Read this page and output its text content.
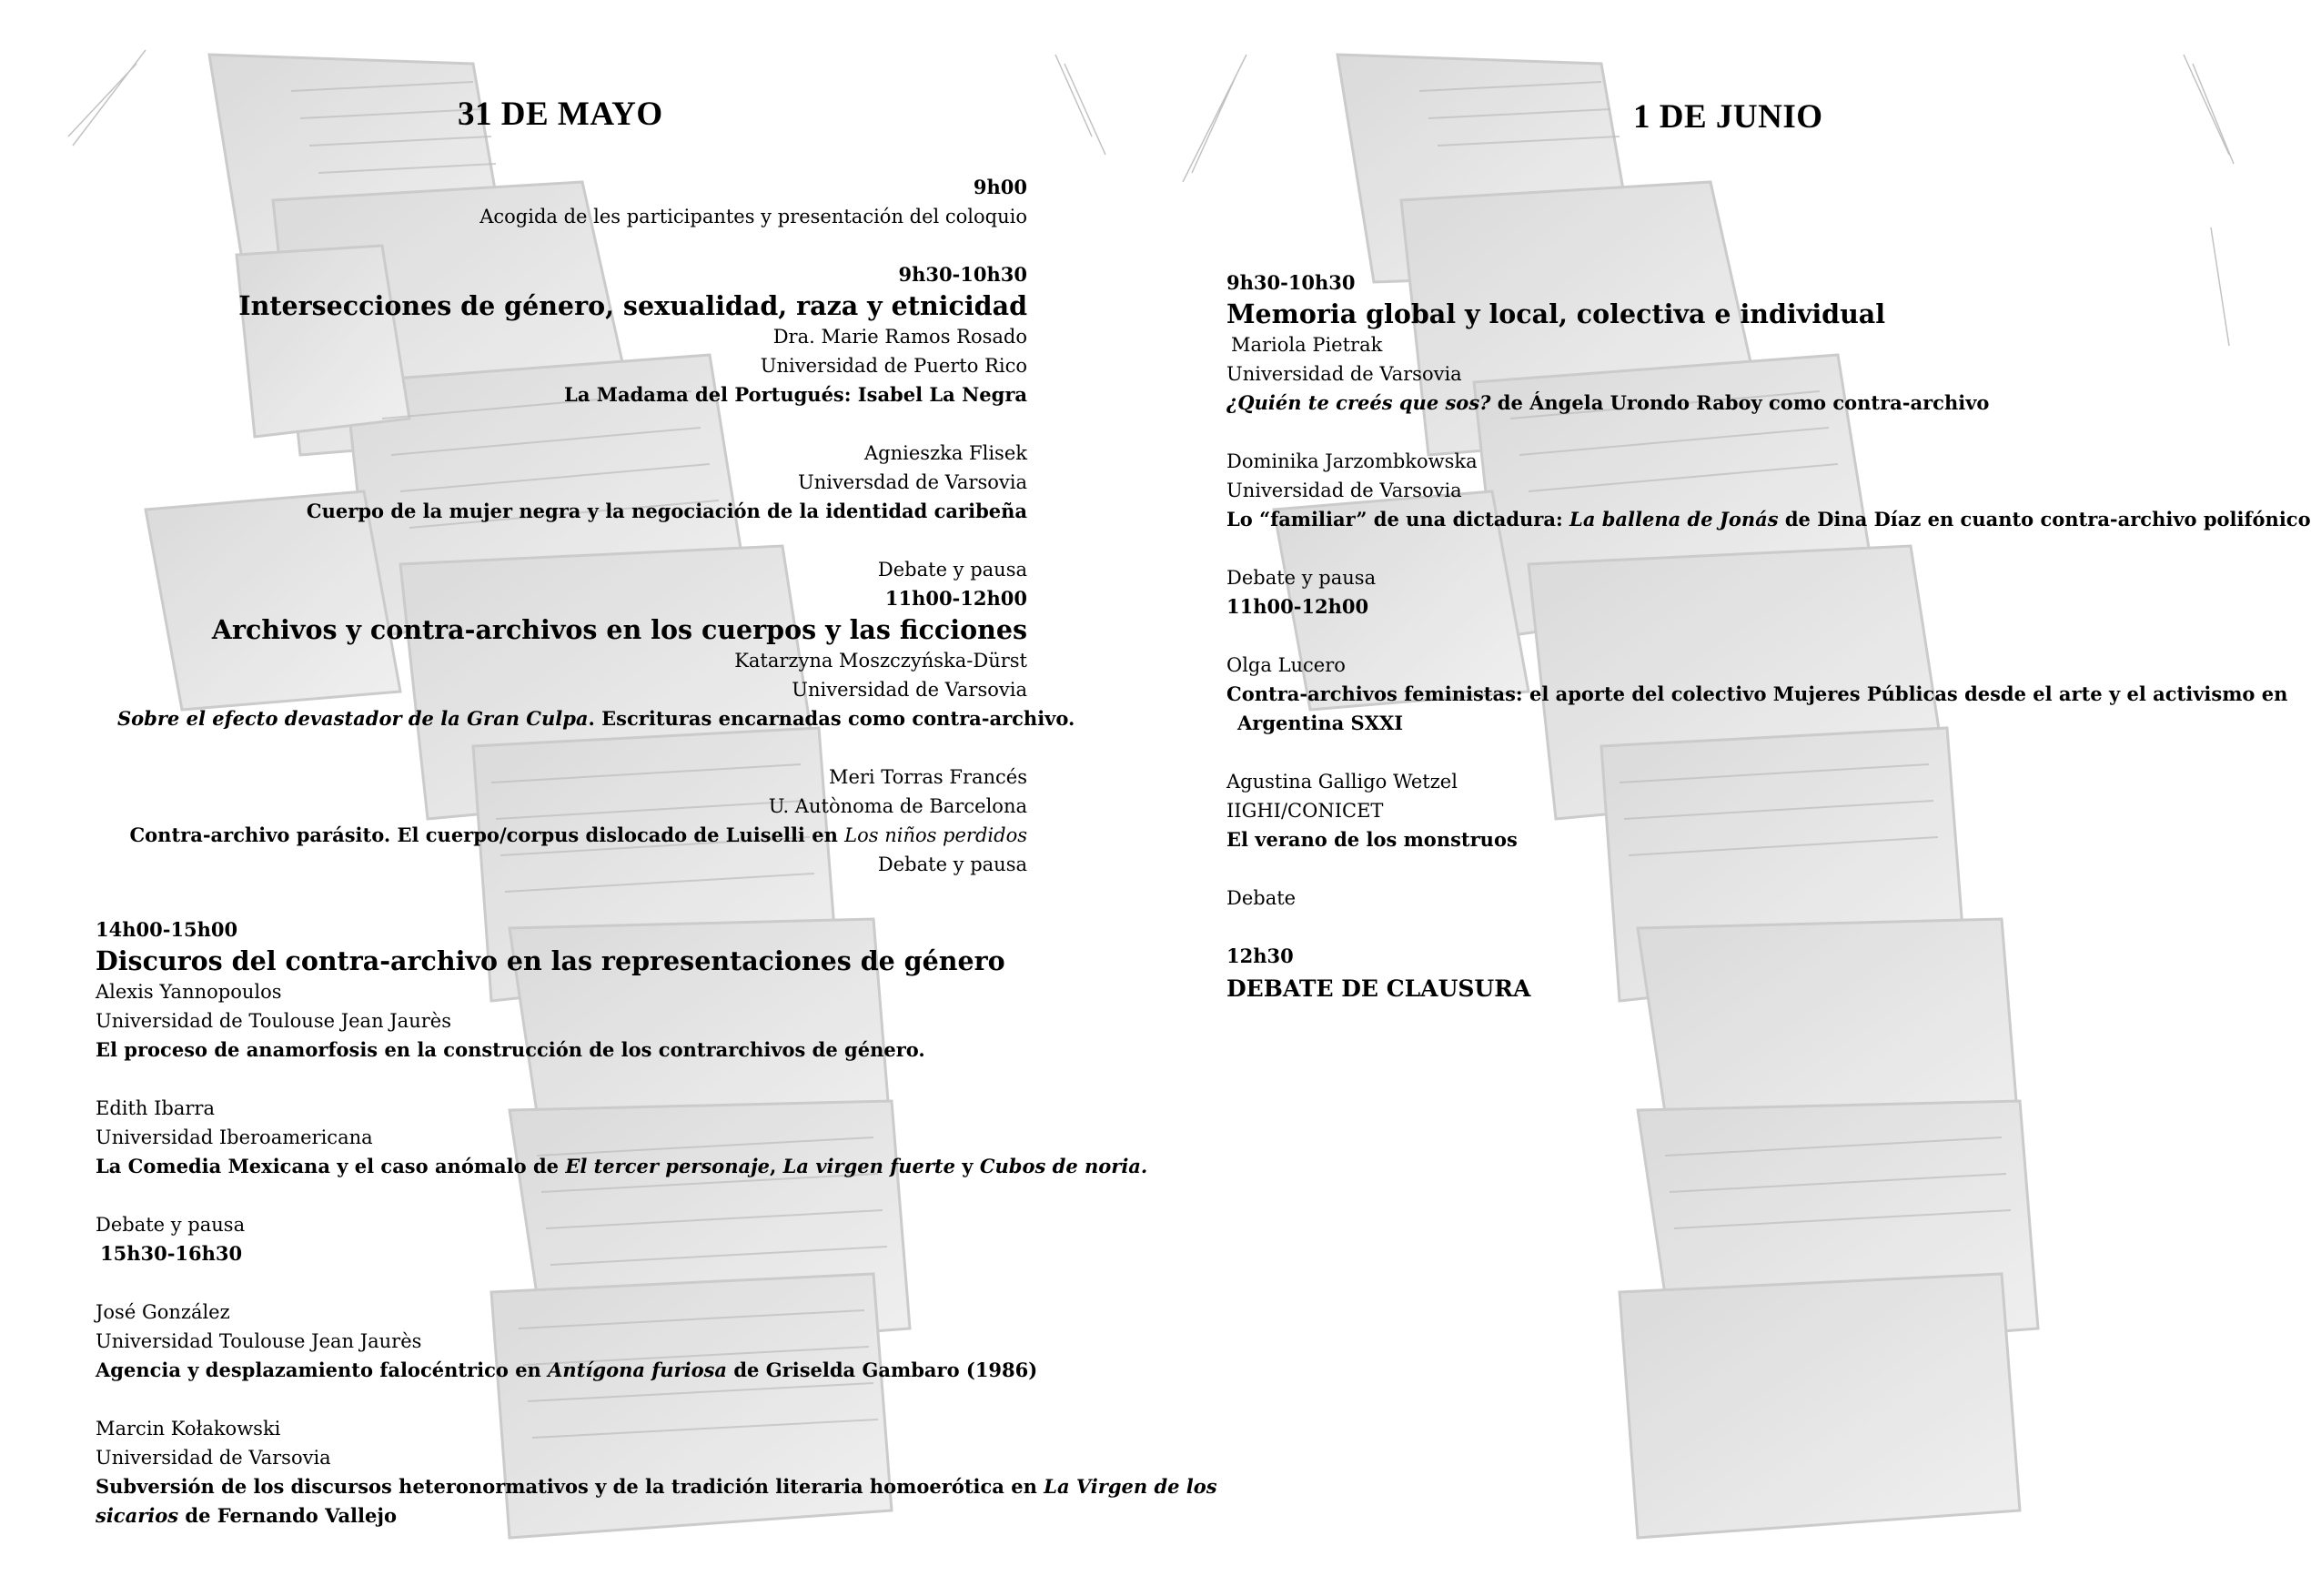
31 DE MAYO
9h00
Acogida de les participantes y presentación del coloquio
9h30-10h30
Intersecciones de género, sexualidad, raza y etnicidad
Dra. Marie Ramos Rosado
Universidad de Puerto Rico
La Madama del Portugués: Isabel La Negra
Agnieszka Flisek
Universdad de Varsovia
Cuerpo de la mujer negra y la negociación de la identidad caribeña
Debate y pausa
11h00-12h00
Archivos y contra-archivos en los cuerpos y las ficciones
Katarzyna Moszczyńska-Dürst
Universidad de Varsovia
Sobre el efecto devastador de la Gran Culpa. Escrituras encarnadas como contra-archivo.
Meri Torras Francés
U. Autònoma de Barcelona
Contra-archivo parásito. El cuerpo/corpus dislocado de Luiselli en Los niños perdidos
Debate y pausa
14h00-15h00
Discuros del contra-archivo en las representaciones de género
Alexis Yannopoulos
Universidad de Toulouse Jean Jaurès
El proceso de anamorfosis en la construcción de los contrarchivos de género.
Edith Ibarra
Universidad Iberoamericana
La Comedia Mexicana y el caso anómalo de El tercer personaje, La virgen fuerte y Cubos de noria.
Debate y pausa
15h30-16h30
José González
Universidad Toulouse Jean Jaurès
Agencia y desplazamiento falocéntrico en Antígona furiosa de Griselda Gambaro (1986)
Marcin Kołakowski
Universidad de Varsovia
Subversión de los discursos heteronormativos y de la tradición literaria homoerótica en La Virgen de los
sicarios de Fernando Vallejo
1 DE JUNIO
9h30-10h30
Memoria global y local, colectiva e individual
Mariola Pietrak
Universidad de Varsovia
¿Quién te creés que sos? de Ángela Urondo Raboy como contra-archivo
Dominika Jarzombkowska
Universidad de Varsovia
Lo “familiar” de una dictadura: La ballena de Jonás de Dina Díaz en cuanto contra-archivo polifónico
Debate y pausa
11h00-12h00
Olga Lucero
Contra-archivos feministas: el aporte del colectivo Mujeres Públicas desde el arte y el activismo en
Argentina SXXI
Agustina Galligo Wetzel
IIGHI/CONICET
El verano de los monstruos
Debate
12h30
DEBATE DE CLAUSURA
